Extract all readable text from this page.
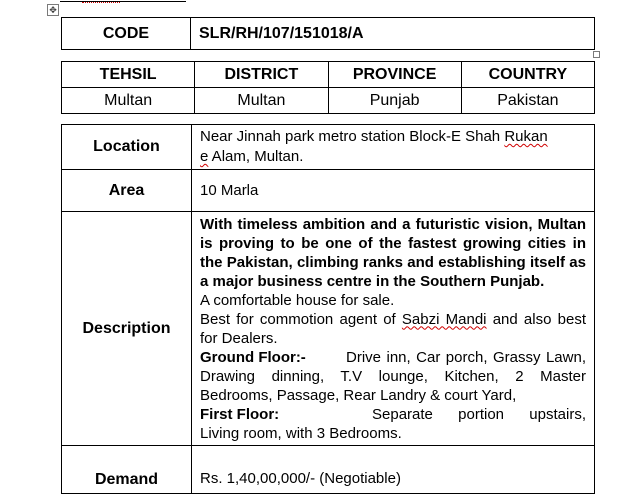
✥
CODE	SLR/RH/107/151018/A
TEHSIL	DISTRICT	PROVINCE	COUNTRY
Multan	Multan	Punjab	Pakistan
Location	Near Jinnah park metro station Block-E Shah Rukan
e Alam, Multan.
Area	10 Marla
Description	With timeless ambition and a futuristic vision, Multan is proving to be one of the fastest growing cities in the Pakistan, climbing ranks and establishing itself as a major business centre in the Southern Punjab.

A comfortable house for sale.

Best for commotion agent of Sabzi Mandi and also best for Dealers.

Ground Floor:- Drive inn, Car porch, Grassy Lawn, Drawing dinning, T.V lounge, Kitchen, 2 Master Bedrooms, Passage, Rear Landry & court Yard,

First Floor: Separate portion upstairs, Living room, with 3 Bedrooms.

Demand	Rs. 1,40,00,000/- (Negotiable)
